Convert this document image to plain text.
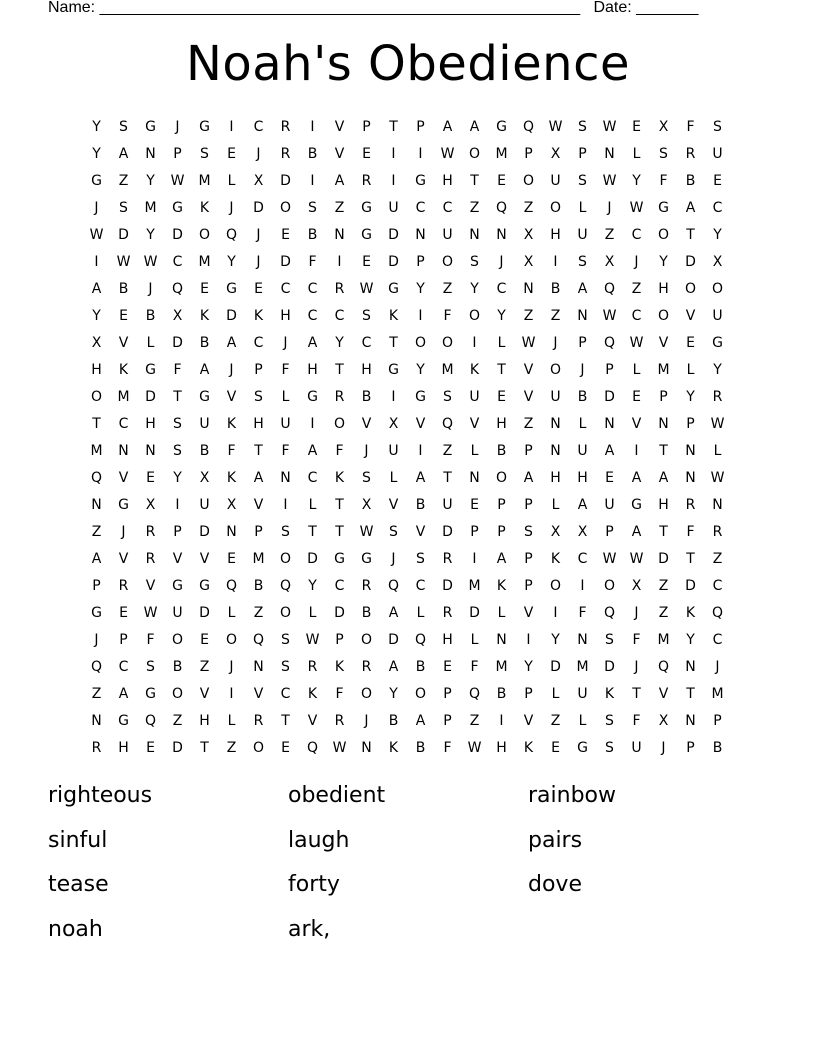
Name: ______________________________________________________ Date: _______
Noah's Obedience
Y	S	G	J	G	I	C	R	I	V	P	T	P	A	A	G	Q	W	S	W	E	X	F	S
Y	A	N	P	S	E	J	R	B	V	E	I	I	W	O	M	P	X	P	N	L	S	R	U
G	Z	Y	W	M	L	X	D	I	A	R	I	G	H	T	E	O	U	S	W	Y	F	B	E
J	S	M	G	K	J	D	O	S	Z	G	U	C	C	Z	Q	Z	O	L	J	W	G	A	C
W	D	Y	D	O	Q	J	E	B	N	G	D	N	U	N	N	X	H	U	Z	C	O	T	Y
I	W W	C	M	Y	J	D	F	I	E	D	P	O	S	J	X	I	S	X	J	Y	D	X
A	B	J	Q	E	G	E	C	C	R	W	G	Y	Z	Y	C	N	B	A	Q	Z	H	O	O
Y	E	B	X	K	D	K	H	C	C	S	K	I	F	O	Y	Z	Z	N	W	C	O	V	U
X	V	L	D	B	A	C	J	A	Y	C	T	O	O	I	L	W	J	P	Q	W	V	E	G
H	K	G	F	A	J	P	F	H	T	H	G	Y	M	K	T	V	O	J	P	L	M	L	Y
O	M	D	T	G	V	S	L	G	R	B	I	G	S	U	E	V	U	B	D	E	P	Y	R
T	C	H	S	U	K	H	U	I	O	V	X	V	Q	V	H	Z	N	L	N	V	N	P	W
M	N	N	S	B	F	T	F	A	F	J	U	I	Z	L	B	P	N	U	A	I	T	N	L
Q	V	E	Y	X	K	A	N	C	K	S	L	A	T	N	O	A	H	H	E	A	A	N	W
N	G	X	I	U	X	V	I	L	T	X	V	B	U	E	P	P	L	A	U	G	H	R	N
Z	J	R	P	D	N	P	S	T	T	W	S	V	D	P	P	S	X	X	P	A	T	F	R
A	V	R	V	V	E	M	O	D	G	G	J	S	R	I	A	P	K	C	W W	D	T	Z
P	R	V	G	G	Q	B	Q	Y	C	R	Q	C	D	M	K	P	O	I	O	X	Z	D	C
G	E	W	U	D	L	Z	O	L	D	B	A	L	R	D	L	V	I	F	Q	J	Z	K	Q
J	P	F	O	E	O	Q	S	W	P	O	D	Q	H	L	N	I	Y	N	S	F	M	Y	C
Q	C	S	B	Z	J	N	S	R	K	R	A	B	E	F	M	Y	D	M	D	J	Q	N	J
Z	A	G	O	V	I	V	C	K	F	O	Y	O	P	Q	B	P	L	U	K	T	V	T	M
N	G	Q	Z	H	L	R	T	V	R	J	B	A	P	Z	I	V	Z	L	S	F	X	N	P
R	H	E	D	T	Z	O	E	Q	W	N	K	B	F	W	H	K	E	G	S	U	J	P	B
righteous	obedient	rainbow
sinful	laugh	pairs
tease	forty	dove
noah	ark,
